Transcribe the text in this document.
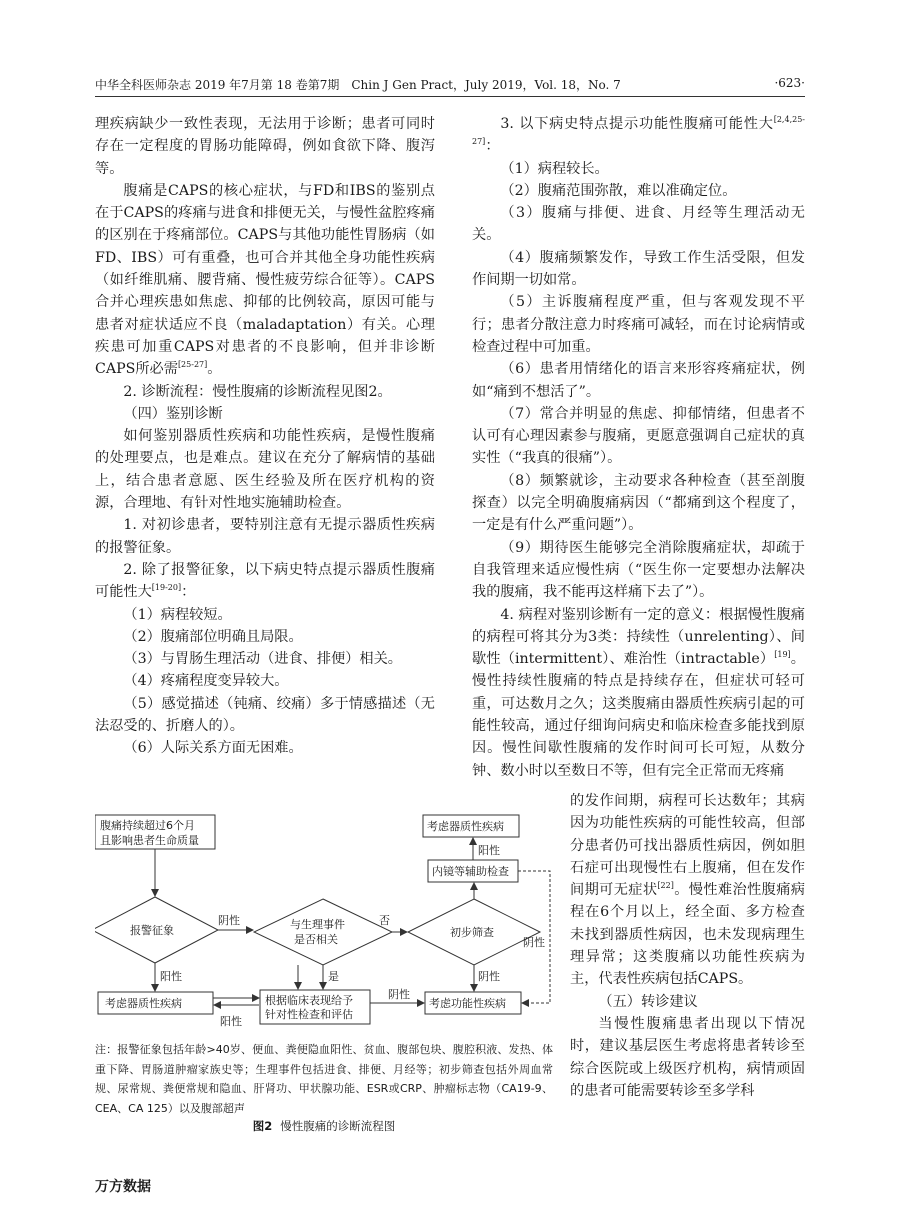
中华全科医师杂志 2019 年7月第 18 卷第7期　Chin J Gen Pract，July 2019，Vol. 18，No. 7	·623·

理疾病缺少一致性表现，无法用于诊断；患者可同时存在一定程度的胃肠功能障碍，例如食欲下降、腹泻等。

腹痛是CAPS的核心症状，与FD和IBS的鉴别点在于CAPS的疼痛与进食和排便无关，与慢性盆腔疼痛的区别在于疼痛部位。CAPS与其他功能性胃肠病（如FD、IBS）可有重叠，也可合并其他全身功能性疾病（如纤维肌痛、腰背痛、慢性疲劳综合征等）。CAPS合并心理疾患如焦虑、抑郁的比例较高，原因可能与患者对症状适应不良（maladaptation）有关。心理疾患可加重CAPS对患者的不良影响，但并非诊断CAPS所必需[25-27]。

2. 诊断流程：慢性腹痛的诊断流程见图2。

（四）鉴别诊断

如何鉴别器质性疾病和功能性疾病，是慢性腹痛的处理要点，也是难点。建议在充分了解病情的基础上，结合患者意愿、医生经验及所在医疗机构的资源，合理地、有针对性地实施辅助检查。

1. 对初诊患者，要特别注意有无提示器质性疾病的报警征象。

2. 除了报警征象，以下病史特点提示器质性腹痛可能性大[19-20]：

（1）病程较短。

（2）腹痛部位明确且局限。

（3）与胃肠生理活动（进食、排便）相关。

（4）疼痛程度变异较大。

（5）感觉描述（钝痛、绞痛）多于情感描述（无法忍受的、折磨人的）。

（6）人际关系方面无困难。

3. 以下病史特点提示功能性腹痛可能性大[2,4,25-27]：

（1）病程较长。

（2）腹痛范围弥散，难以准确定位。

（3）腹痛与排便、进食、月经等生理活动无关。

（4）腹痛频繁发作，导致工作生活受限，但发作间期一切如常。

（5）主诉腹痛程度严重，但与客观发现不平行；患者分散注意力时疼痛可减轻，而在讨论病情或检查过程中可加重。

（6）患者用情绪化的语言来形容疼痛症状，例如“痛到不想活了”。

（7）常合并明显的焦虑、抑郁情绪，但患者不认可有心理因素参与腹痛，更愿意强调自己症状的真实性（“我真的很痛”）。

（8）频繁就诊，主动要求各种检查（甚至剖腹探查）以完全明确腹痛病因（“都痛到这个程度了，一定是有什么严重问题”）。

（9）期待医生能够完全消除腹痛症状，却疏于自我管理来适应慢性病（“医生你一定要想办法解决我的腹痛，我不能再这样痛下去了”）。

4. 病程对鉴别诊断有一定的意义：根据慢性腹痛的病程可将其分为3类：持续性（unrelenting）、间歇性（intermittent）、难治性（intractable）[19]。慢性持续性腹痛的特点是持续存在，但症状可轻可重，可达数月之久；这类腹痛由器质性疾病引起的可能性较高，通过仔细询问病史和临床检查多能找到原因。慢性间歇性腹痛的发作时间可长可短，从数分钟、数小时以至数日不等，但有完全正常而无疼痛

的发作间期，病程可长达数年；其病因为功能性疾病的可能性较高，但部分患者仍可找出器质性病因，例如胆石症可出现慢性右上腹痛，但在发作间期可无症状[22]。慢性难治性腹痛病程在6个月以上，经全面、多方检查未找到器质性病因，也未发现病理生理异常；这类腹痛以功能性疾病为主，代表性疾病包括CAPS。

（五）转诊建议

当慢性腹痛患者出现以下情况时，建议基层医生考虑将患者转诊至综合医院或上级医疗机构，病情顽固的患者可能需要转诊至多学科

腹痛持续超过6个月
且影响患者生命质量
报警征象	与生理事件
是否相关
初步筛查
考虑器质性疾病	根据临床表现给予
针对性检查和评估
考虑功能性疾病
考虑器质性疾病
内镜等辅助检查
阴性	否
阳性	是	阴性
阴性
阳性
阴性
阳性
注：报警征象包括年龄>40岁、便血、粪便隐血阳性、贫血、腹部包块、腹腔积液、发热、体重下降、胃肠道肿瘤家族史等；生理事件包括进食、排便、月经等；初步筛查包括外周血常规、尿常规、粪便常规和隐血、肝肾功、甲状腺功能、ESR或CRP、肿瘤标志物（CA19-9、CEA、CA 125）以及腹部超声
图2 慢性腹痛的诊断流程图
万方数据
